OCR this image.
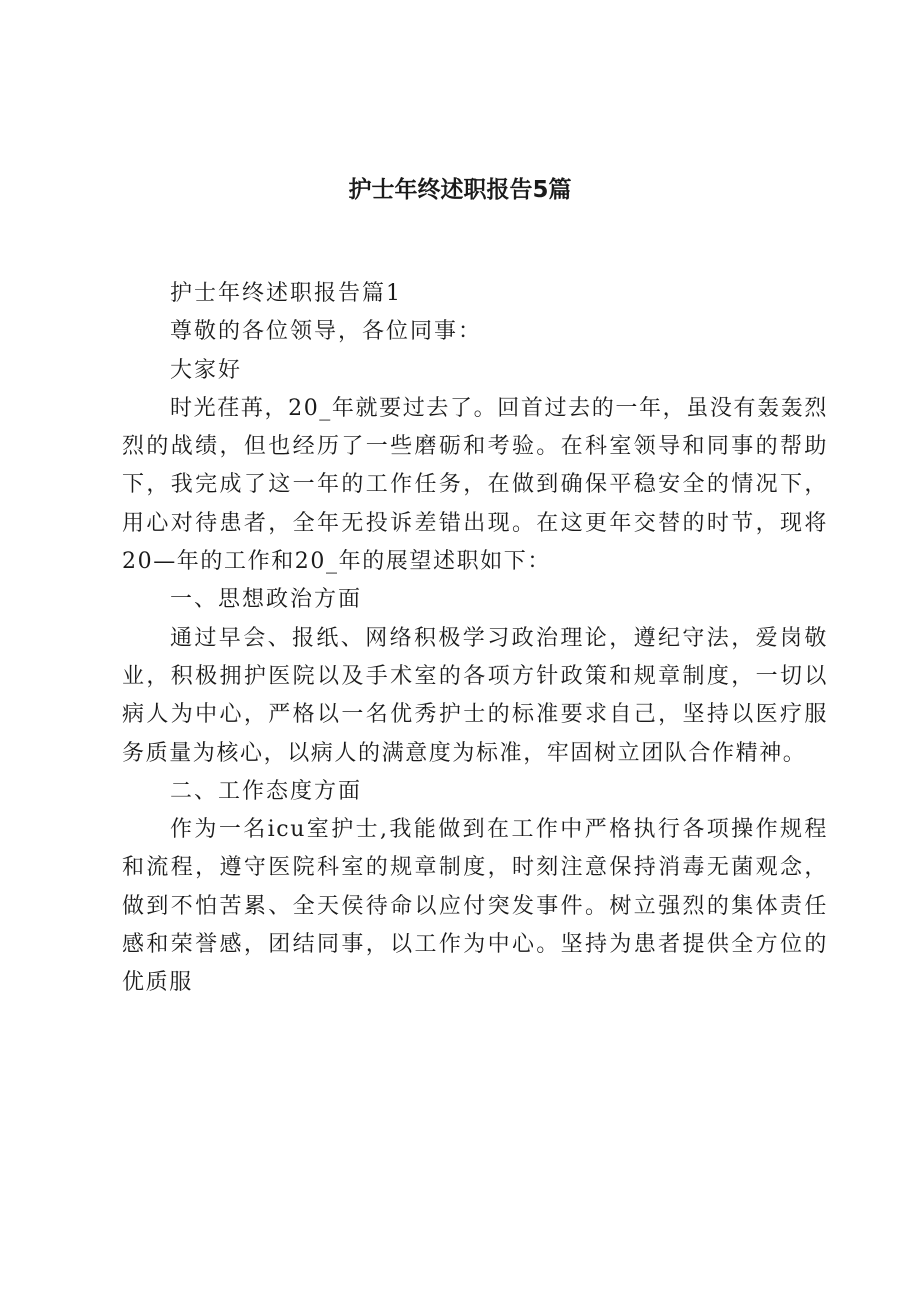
护士年终述职报告5篇

护士年终述职报告篇1

尊敬的各位领导，各位同事：

大家好

时光荏苒，20_年就要过去了。回首过去的一年，虽没有轰轰烈烈的战绩，但也经历了一些磨砺和考验。在科室领导和同事的帮助下，我完成了这一年的工作任务，在做到确保平稳安全的情况下，用心对待患者，全年无投诉差错出现。在这更年交替的时节，现将20—年的工作和20_年的展望述职如下：

一、思想政治方面

通过早会、报纸、网络积极学习政治理论，遵纪守法，爱岗敬业，积极拥护医院以及手术室的各项方针政策和规章制度，一切以病人为中心，严格以一名优秀护士的标准要求自己，坚持以医疗服务质量为核心，以病人的满意度为标准，牢固树立团队合作精神。

二、工作态度方面

作为一名icu室护士,我能做到在工作中严格执行各项操作规程和流程，遵守医院科室的规章制度，时刻注意保持消毒无菌观念，做到不怕苦累、全天侯待命以应付突发事件。树立强烈的集体责任感和荣誉感，团结同事，以工作为中心。坚持为患者提供全方位的优质服
